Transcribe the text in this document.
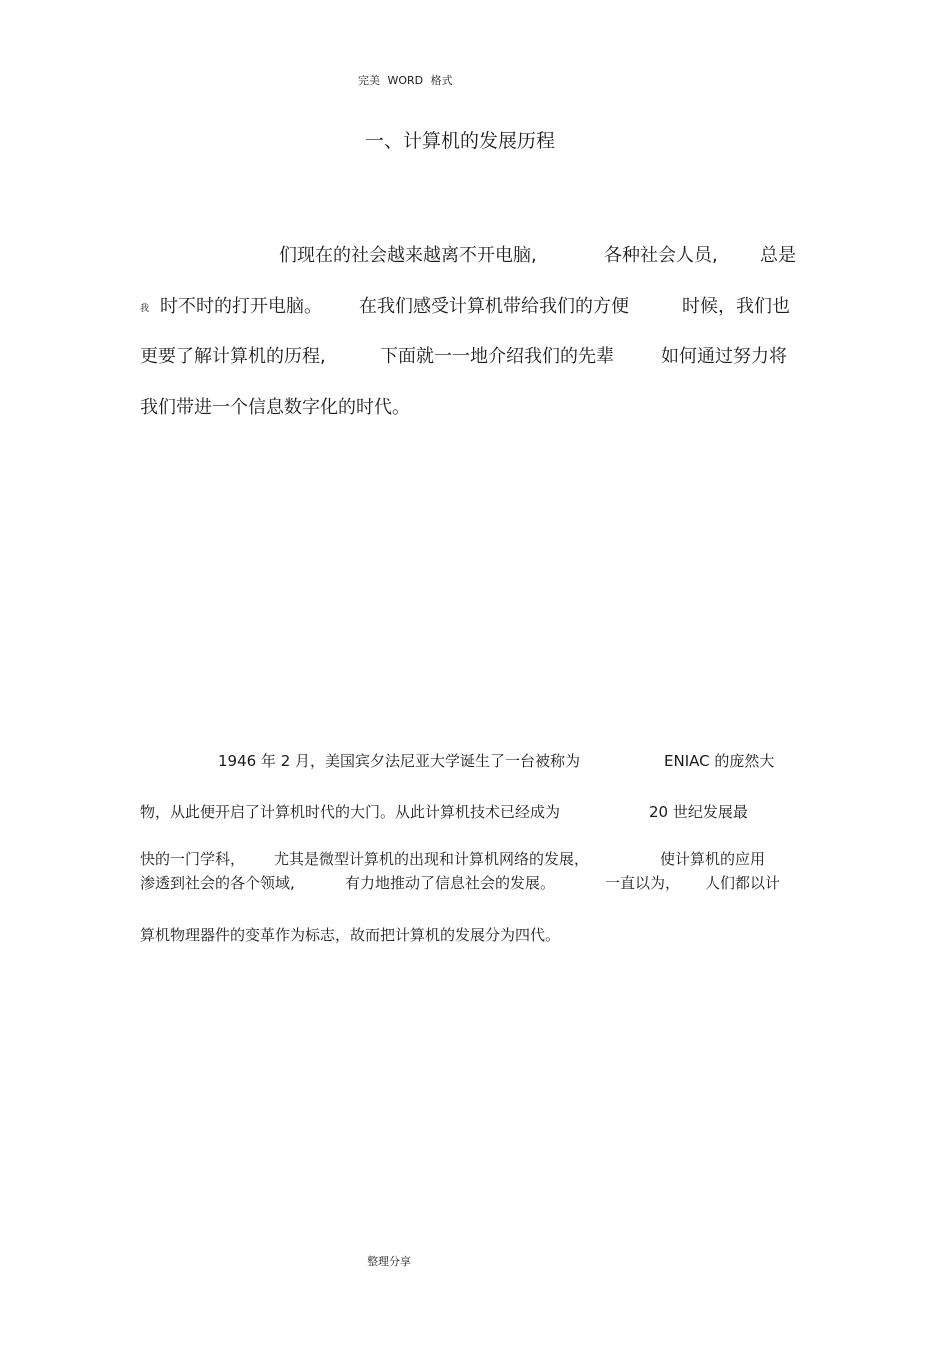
完美 WORD 格式
一、计算机的发展历程
们现在的社会越来越离不开电脑,	各种社会人员, 总是
我 时不时的打开电脑。 在我们感受计算机带给我们的方便	时候，我们也
更要了解计算机的历程,	下面就一一地介绍我们的先辈	如何通过努力将
我们带进一个信息数字化的时代。
1946 年 2 月，美国宾夕法尼亚大学诞生了一台被称为	ENIAC 的庞然大
物，从此便开启了计算机时代的大门。从此计算机技术已经成为	20 世纪发展最
快的一门学科， 尤其是微型计算机的出现和计算机网络的发展，	使计算机的应用
渗透到社会的各个领域,	有力地推动了信息社会的发展。	一直以为， 人们都以计
算机物理器件的变革作为标志，故而把计算机的发展分为四代。
整理分享
